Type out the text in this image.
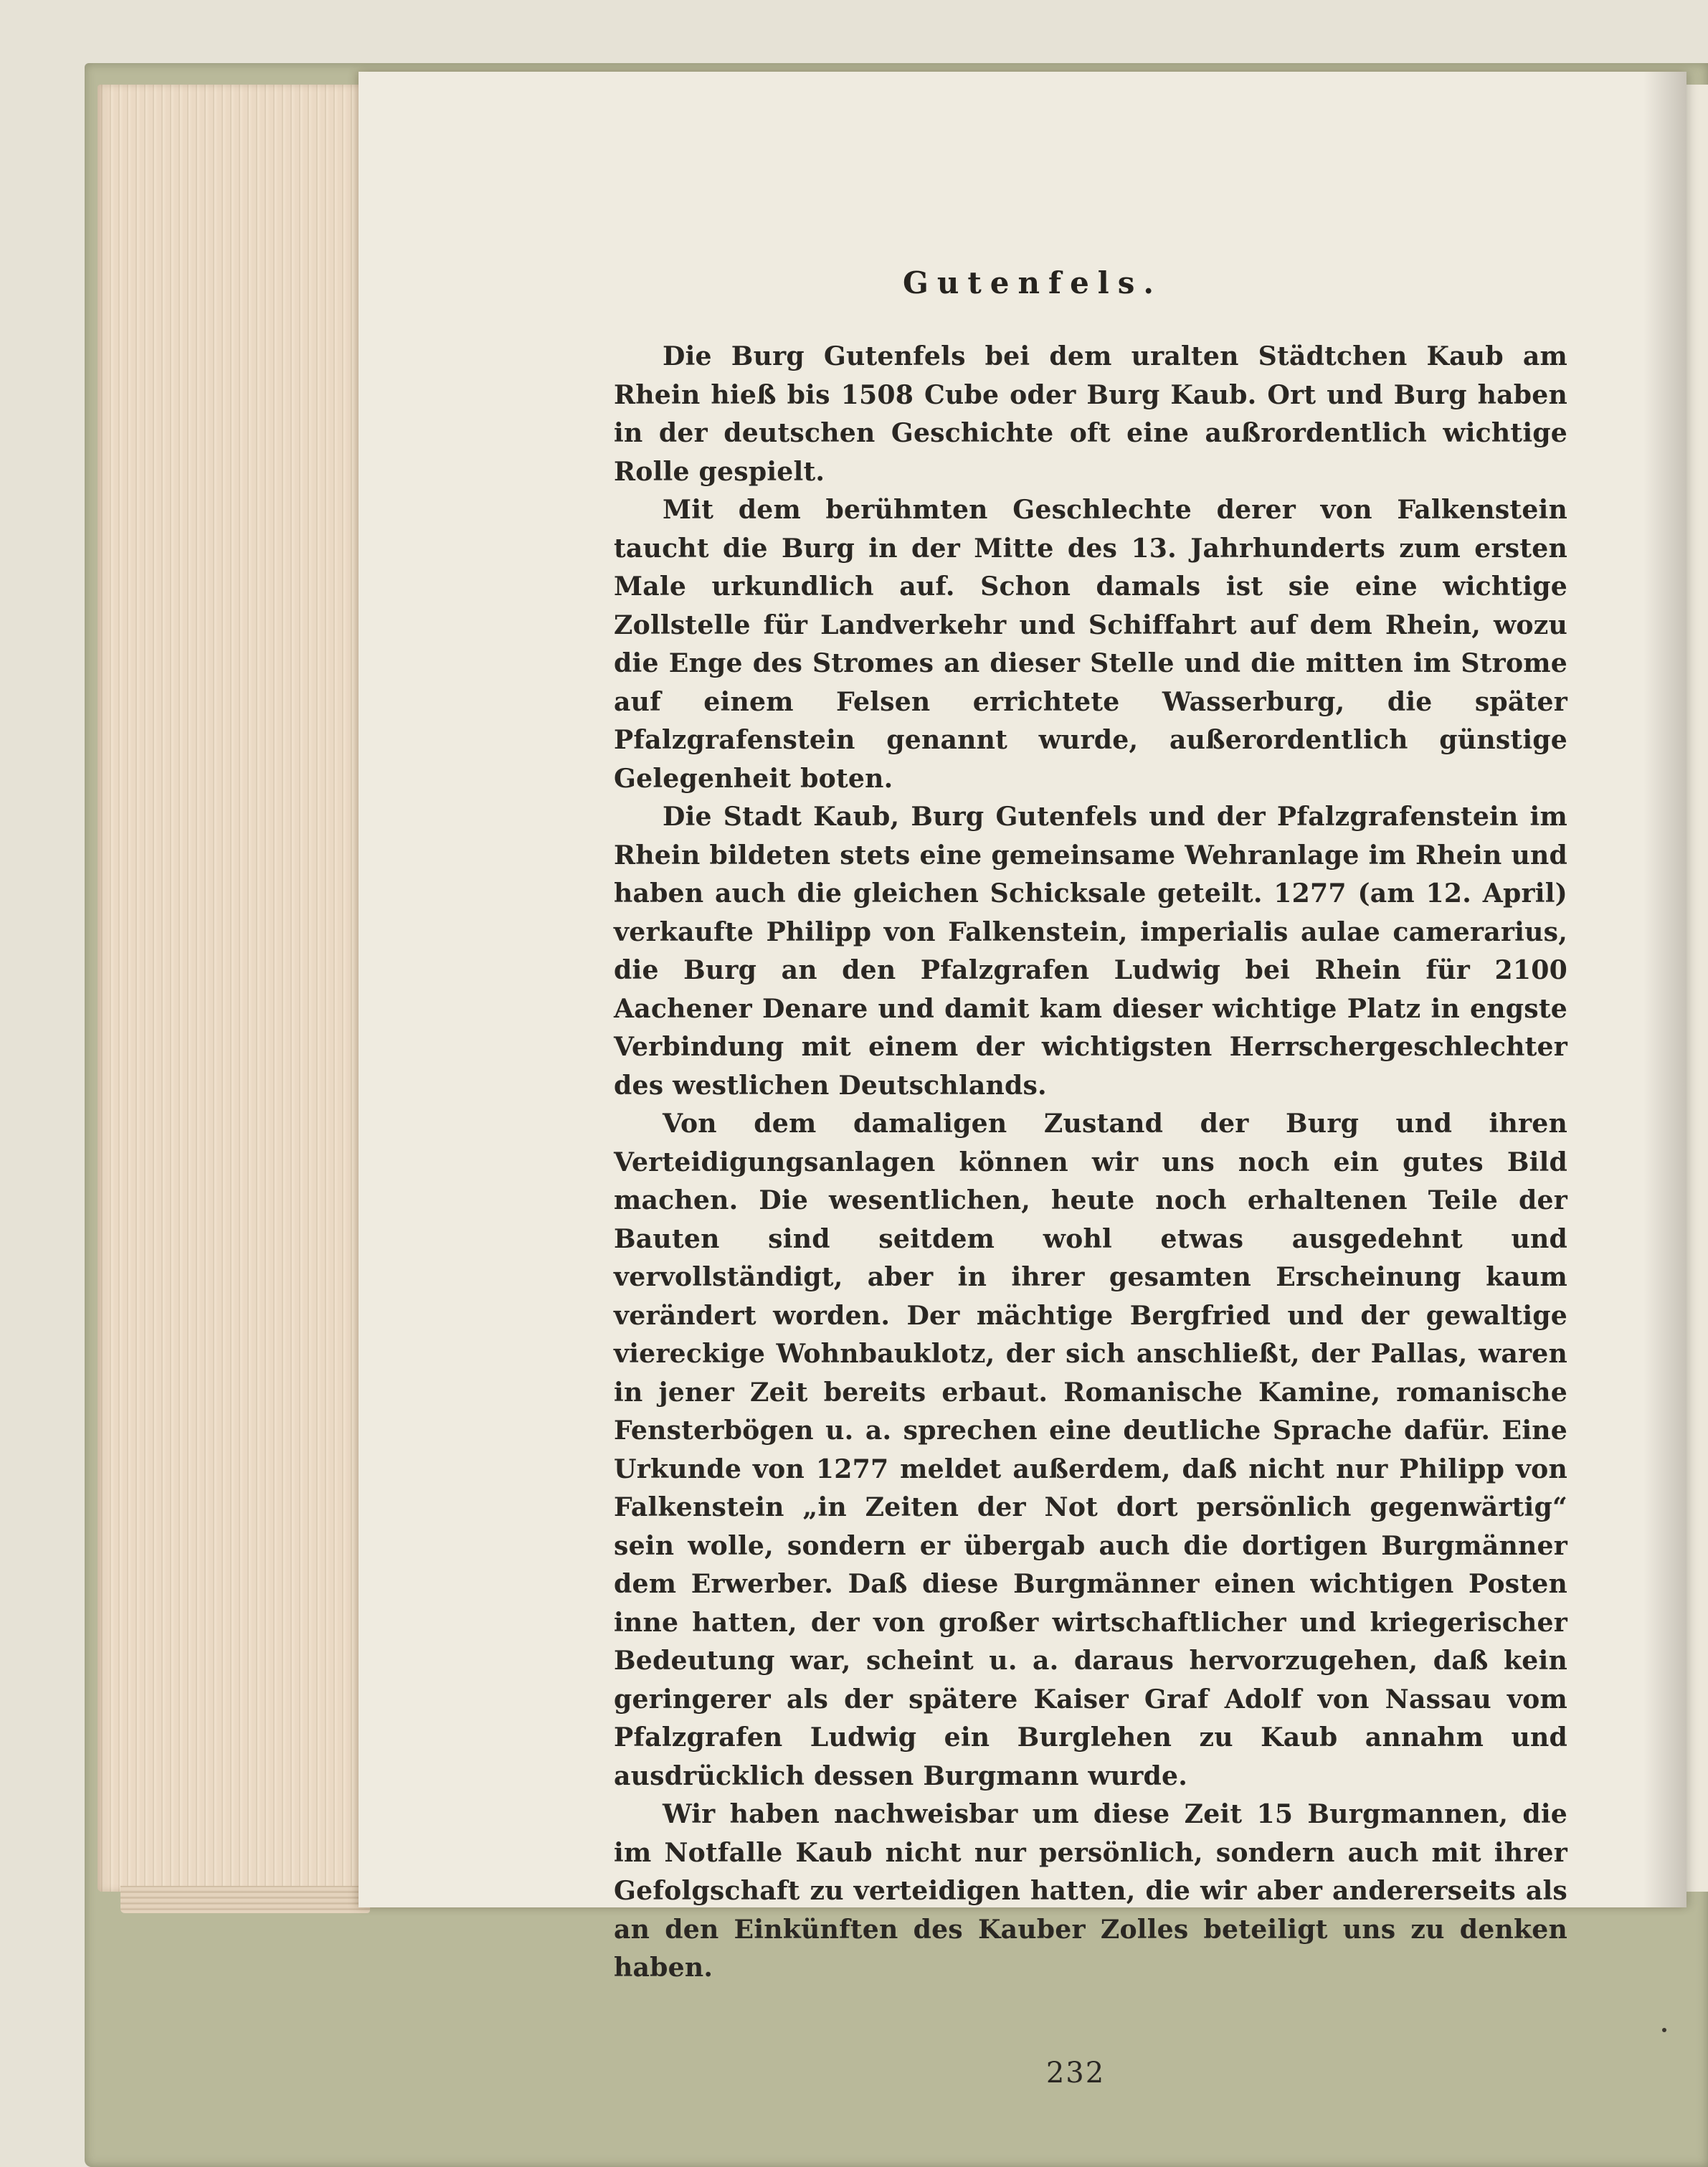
Gutenfels.

Die Burg Gutenfels bei dem uralten Städtchen Kaub am Rhein hieß bis 1508 Cube oder Burg Kaub. Ort und Burg haben in der deutschen Geschichte oft eine außrordentlich wichtige Rolle gespielt.

Mit dem berühmten Geschlechte derer von Falkenstein taucht die Burg in der Mitte des 13. Jahrhunderts zum ersten Male urkundlich auf. Schon damals ist sie eine wichtige Zollstelle für Landverkehr und Schiffahrt auf dem Rhein, wozu die Enge des Stromes an dieser Stelle und die mitten im Strome auf einem Felsen errichtete Wasserburg, die später Pfalzgrafenstein genannt wurde, außerordentlich günstige Gelegenheit boten.

Die Stadt Kaub, Burg Gutenfels und der Pfalzgrafenstein im Rhein bildeten stets eine gemeinsame Wehranlage im Rhein und haben auch die gleichen Schicksale geteilt. 1277 (am 12. April) verkaufte Philipp von Falkenstein, imperialis aulae camerarius, die Burg an den Pfalzgrafen Ludwig bei Rhein für 2100 Aachener Denare und damit kam dieser wichtige Platz in engste Verbindung mit einem der wichtigsten Herrschergeschlechter des westlichen Deutschlands.

Von dem damaligen Zustand der Burg und ihren Verteidigungsanlagen können wir uns noch ein gutes Bild machen. Die wesentlichen, heute noch erhaltenen Teile der Bauten sind seitdem wohl etwas ausgedehnt und vervollständigt, aber in ihrer gesamten Erscheinung kaum verändert worden. Der mächtige Bergfried und der gewaltige viereckige Wohnbauklotz, der sich anschließt, der Pallas, waren in jener Zeit bereits erbaut. Romanische Kamine, romanische Fensterbögen u. a. sprechen eine deutliche Sprache dafür. Eine Urkunde von 1277 meldet außerdem, daß nicht nur Philipp von Falkenstein „in Zeiten der Not dort persönlich gegenwärtig“ sein wolle, sondern er übergab auch die dortigen Burgmänner dem Erwerber. Daß diese Burgmänner einen wichtigen Posten inne hatten, der von großer wirtschaftlicher und kriegerischer Bedeutung war, scheint u. a. daraus hervorzugehen, daß kein geringerer als der spätere Kaiser Graf Adolf von Nassau vom Pfalzgrafen Ludwig ein Burglehen zu Kaub annahm und ausdrücklich dessen Burgmann wurde.

Wir haben nachweisbar um diese Zeit 15 Burgmannen, die im Notfalle Kaub nicht nur persönlich, sondern auch mit ihrer Gefolgschaft zu verteidigen hatten, die wir aber andererseits als an den Einkünften des Kauber Zolles beteiligt uns zu denken haben.

232
